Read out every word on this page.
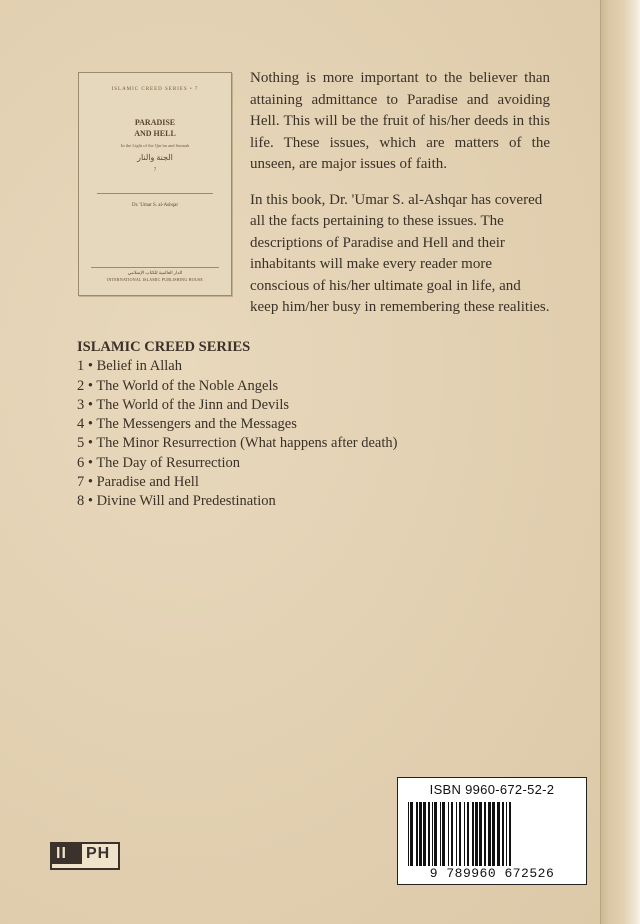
ISLAMIC CREED SERIES • 7
PARADISE
AND HELL
In the Light of the Qur'an and Sunnah
الجنة والنار
7
Dr. 'Umar S. al-Ashqar
الدار العالمية للكتاب الإسلامي
INTERNATIONAL ISLAMIC PUBLISHING HOUSE

Nothing is more important to the believer than attaining admittance to Paradise and avoiding Hell. This will be the fruit of his/her deeds in this life. These issues, which are matters of the unseen, are major issues of faith.

In this book, Dr. 'Umar S. al-Ashqar has covered all the facts pertaining to these issues. The descriptions of Paradise and Hell and their inhabitants will make every reader more conscious of his/her ultimate goal in life, and keep him/her busy in remembering these realities.

ISLAMIC CREED SERIES
1 • Belief in Allah
2 • The World of the Noble Angels
3 • The World of the Jinn and Devils
4 • The Messengers and the Messages
5 • The Minor Resurrection (What happens after death)
6 • The Day of Resurrection
7 • Paradise and Hell
8 • Divine Will and Predestination
II PH
ISBN 9960-672-52-2
9 789960 672526
